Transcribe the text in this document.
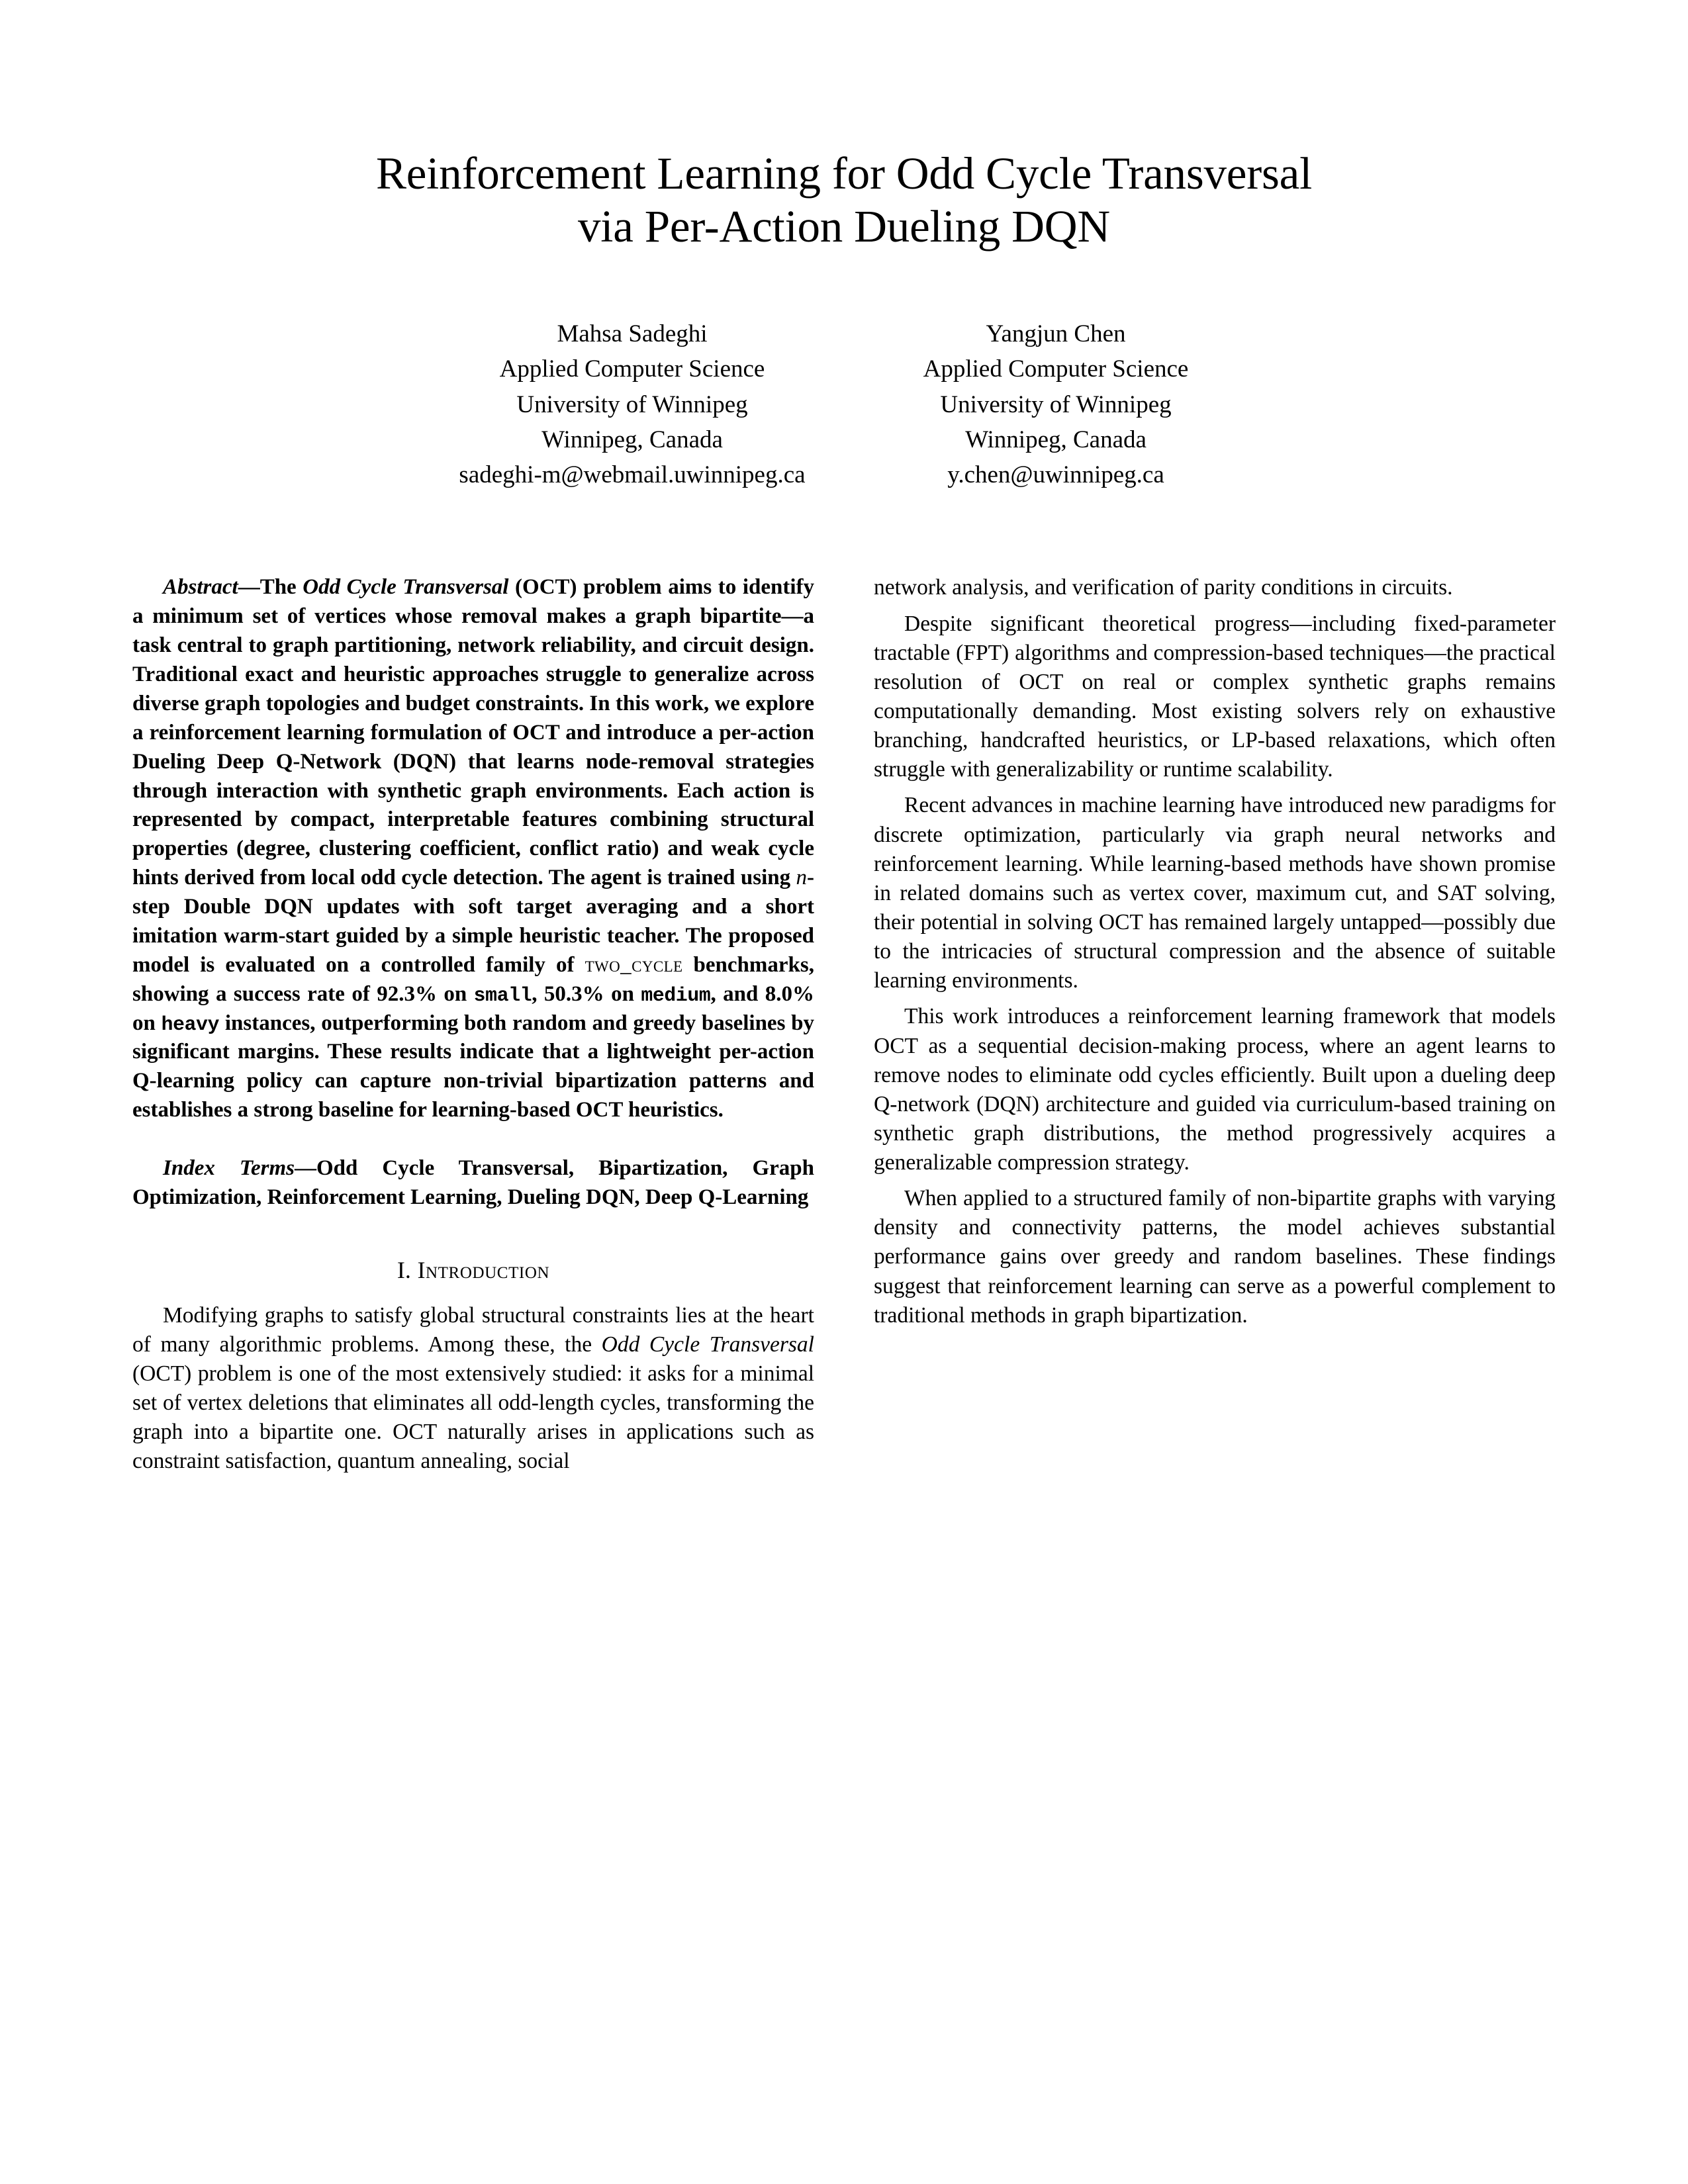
Reinforcement Learning for Odd Cycle Transversal
via Per-Action Dueling DQN
Mahsa Sadeghi
Applied Computer Science
University of Winnipeg
Winnipeg, Canada
sadeghi-m@webmail.uwinnipeg.ca
Yangjun Chen
Applied Computer Science
University of Winnipeg
Winnipeg, Canada
y.chen@uwinnipeg.ca

Abstract—The Odd Cycle Transversal (OCT) problem aims to identify a minimum set of vertices whose removal makes a graph bipartite—a task central to graph partitioning, network reliability, and circuit design. Traditional exact and heuristic approaches struggle to generalize across diverse graph topologies and budget constraints. In this work, we explore a reinforcement learning formulation of OCT and introduce a per-action Dueling Deep Q-Network (DQN) that learns node-removal strategies through interaction with synthetic graph environments. Each action is represented by compact, interpretable features combining structural properties (degree, clustering coefficient, conflict ratio) and weak cycle hints derived from local odd cycle detection. The agent is trained using n-step Double DQN updates with soft target averaging and a short imitation warm-start guided by a simple heuristic teacher. The proposed model is evaluated on a controlled family of two_cycle benchmarks, showing a success rate of 92.3% on small, 50.3% on medium, and 8.0% on heavy instances, outperforming both random and greedy baselines by significant margins. These results indicate that a lightweight per-action Q-learning policy can capture non-trivial bipartization patterns and establishes a strong baseline for learning-based OCT heuristics.

Index Terms—Odd Cycle Transversal, Bipartization, Graph Optimization, Reinforcement Learning, Dueling DQN, Deep Q-Learning

I. Introduction

Modifying graphs to satisfy global structural constraints lies at the heart of many algorithmic problems. Among these, the Odd Cycle Transversal (OCT) problem is one of the most extensively studied: it asks for a minimal set of vertex deletions that eliminates all odd-length cycles, transforming the graph into a bipartite one. OCT naturally arises in applications such as constraint satisfaction, quantum annealing, social

network analysis, and verification of parity conditions in circuits.

Despite significant theoretical progress—including fixed-parameter tractable (FPT) algorithms and compression-based techniques—the practical resolution of OCT on real or complex synthetic graphs remains computationally demanding. Most existing solvers rely on exhaustive branching, handcrafted heuristics, or LP-based relaxations, which often struggle with generalizability or runtime scalability.

Recent advances in machine learning have introduced new paradigms for discrete optimization, particularly via graph neural networks and reinforcement learning. While learning-based methods have shown promise in related domains such as vertex cover, maximum cut, and SAT solving, their potential in solving OCT has remained largely untapped—possibly due to the intricacies of structural compression and the absence of suitable learning environments.

This work introduces a reinforcement learning framework that models OCT as a sequential decision-making process, where an agent learns to remove nodes to eliminate odd cycles efficiently. Built upon a dueling deep Q-network (DQN) architecture and guided via curriculum-based training on synthetic graph distributions, the method progressively acquires a generalizable compression strategy.

When applied to a structured family of non-bipartite graphs with varying density and connectivity patterns, the model achieves substantial performance gains over greedy and random baselines. These findings suggest that reinforcement learning can serve as a powerful complement to traditional methods in graph bipartization.
